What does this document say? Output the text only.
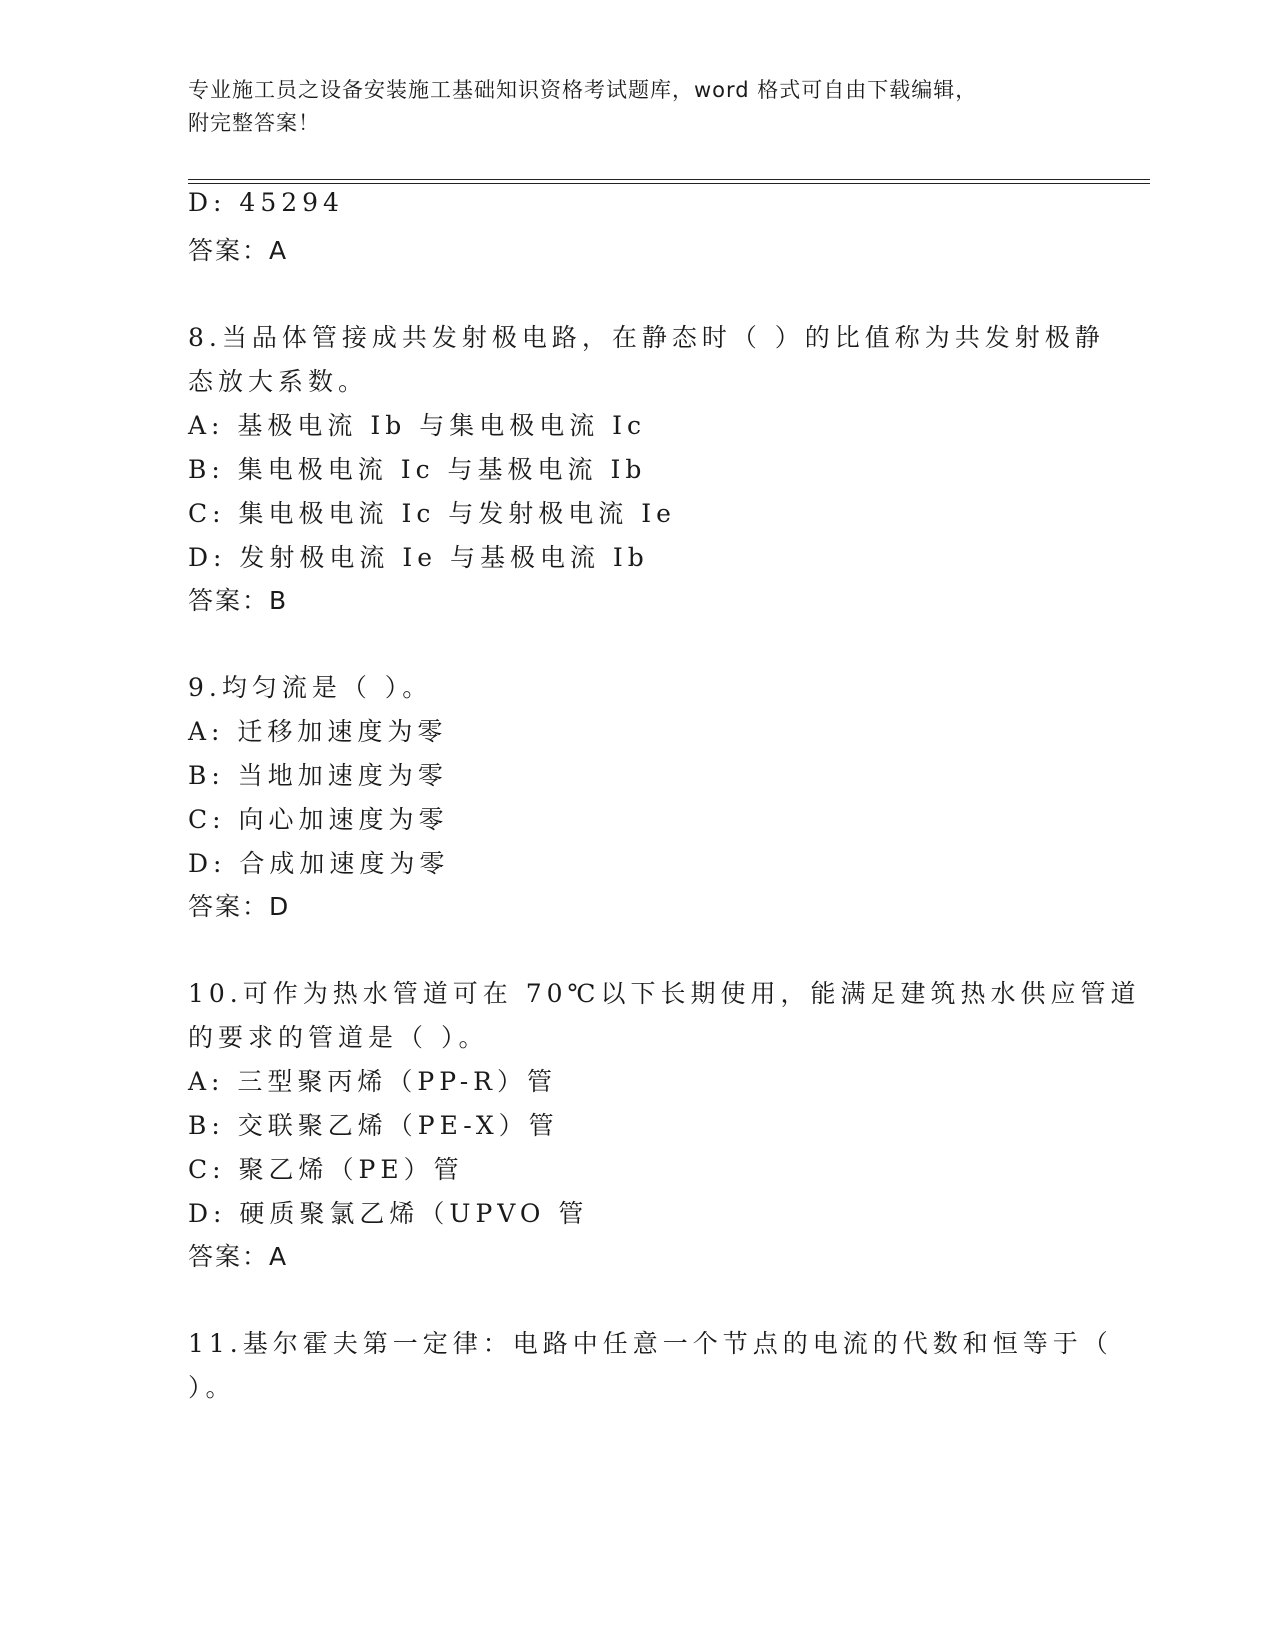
专业施工员之设备安装施工基础知识资格考试题库，word 格式可自由下载编辑，
附完整答案！
D: 45294
答案：A
8.当品体管接成共发射极电路，在静态时（ ）的比值称为共发射极静
态放大系数。
A: 基极电流 Ib 与集电极电流 Ic
B: 集电极电流 Ic 与基极电流 Ib
C: 集电极电流 Ic 与发射极电流 Ie
D: 发射极电流 Ie 与基极电流 Ib
答案：B
9.均匀流是（ ）。
A: 迁移加速度为零
B: 当地加速度为零
C: 向心加速度为零
D: 合成加速度为零
答案：D
10.可作为热水管道可在 70℃以下长期使用，能满足建筑热水供应管道
的要求的管道是（ ）。
A: 三型聚丙烯（PP-R）管
B: 交联聚乙烯（PE-X）管
C: 聚乙烯（PE）管
D: 硬质聚氯乙烯（UPVO 管
答案：A
11.基尔霍夫第一定律：电路中任意一个节点的电流的代数和恒等于（
）。
